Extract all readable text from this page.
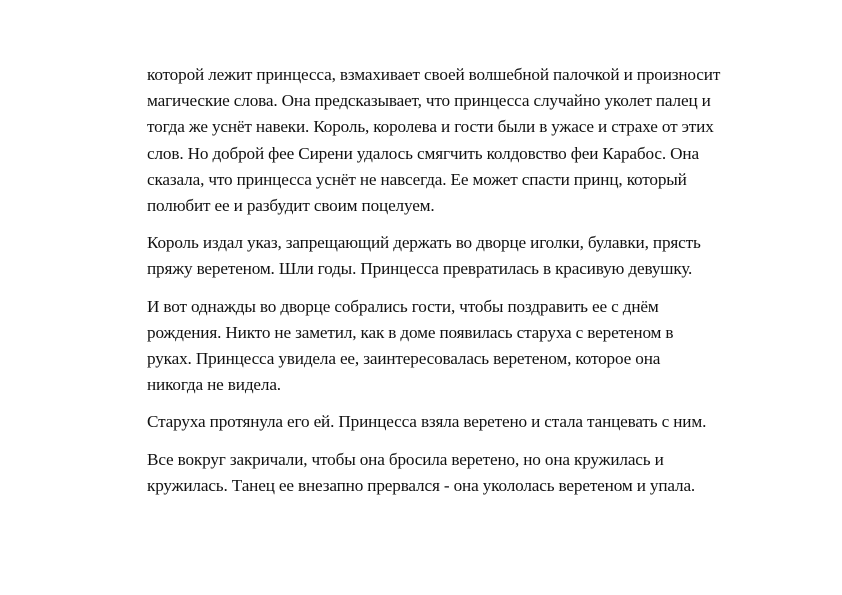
которой лежит принцесса, взмахивает своей волшебной палочкой и произносит
магические слова. Она предсказывает, что принцесса случайно уколет палец и
тогда же уснёт навеки. Король, королева и гости были в ужасе и страхе от этих
слов. Но доброй фее Сирени удалось смягчить колдовство феи Карабос. Она
сказала, что принцесса уснёт не навсегда. Ее может спасти принц, который
полюбит ее и разбудит своим поцелуем.

Король издал указ, запрещающий держать во дворце иголки, булавки, прясть
пряжу веретеном. Шли годы. Принцесса превратилась в красивую девушку.

И вот однажды во дворце собрались гости, чтобы поздравить ее с днём
рождения. Никто не заметил, как в доме появилась старуха с веретеном в
руках. Принцесса увидела ее, заинтересовалась веретеном, которое она
никогда не видела.

Старуха протянула его ей. Принцесса взяла веретено и стала танцевать с ним.

Все вокруг закричали, чтобы она бросила веретено, но она кружилась и
кружилась. Танец ее внезапно прервался - она укололась веретеном и упала.
